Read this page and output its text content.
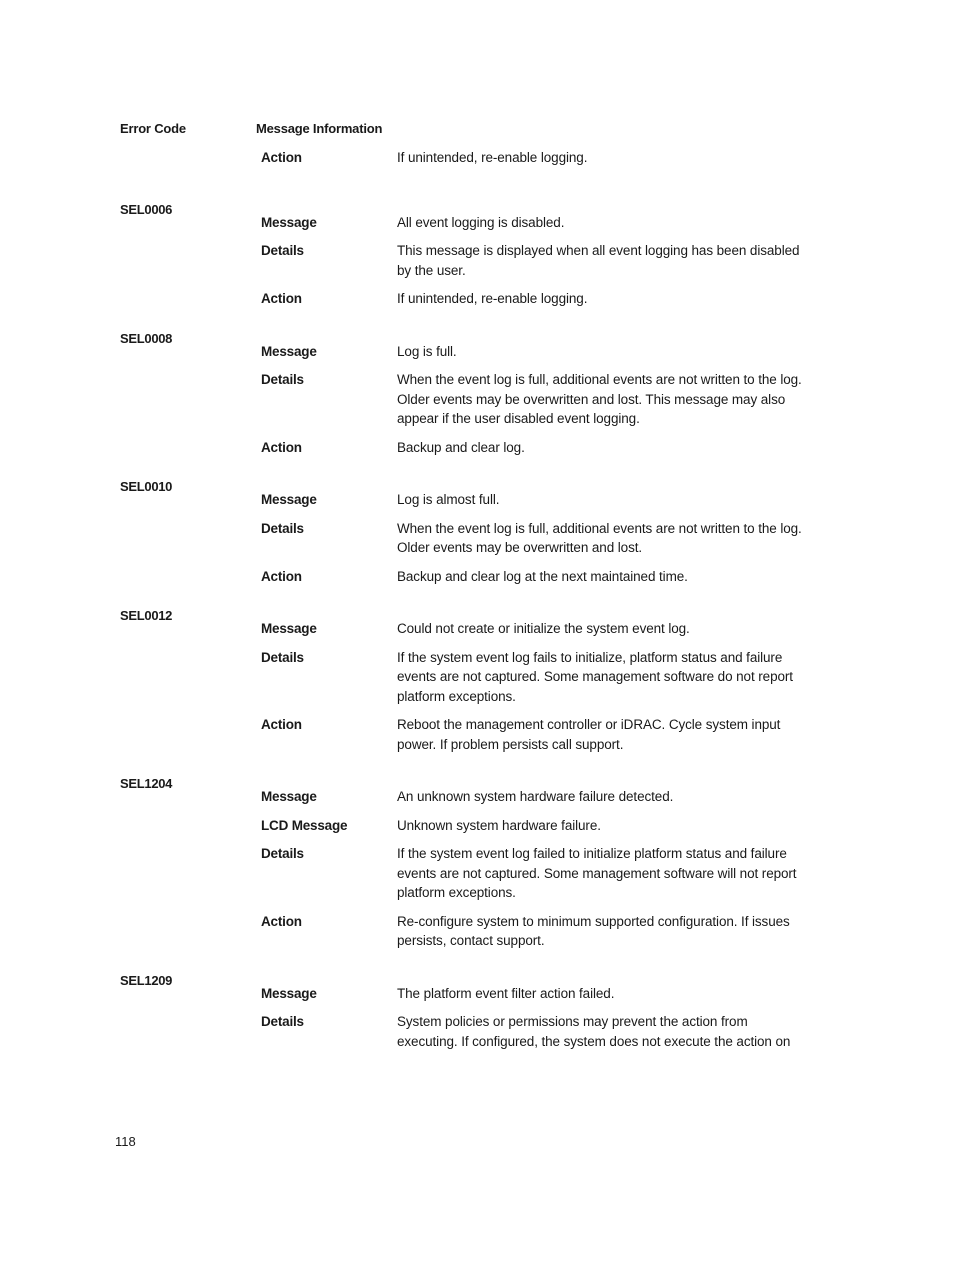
Error Code	Message Information
Action	If unintended, re-enable logging.
SEL0006
Message	All event logging is disabled.
Details	This message is displayed when all event logging has been disabled by the user.
Action	If unintended, re-enable logging.
SEL0008
Message	Log is full.
Details	When the event log is full, additional events are not written to the log. Older events may be overwritten and lost. This message may also appear if the user disabled event logging.
Action	Backup and clear log.
SEL0010
Message	Log is almost full.
Details	When the event log is full, additional events are not written to the log. Older events may be overwritten and lost.
Action	Backup and clear log at the next maintained time.
SEL0012
Message	Could not create or initialize the system event log.
Details	If the system event log fails to initialize, platform status and failure events are not captured. Some management software do not report platform exceptions.
Action	Reboot the management controller or iDRAC. Cycle system input power. If problem persists call support.
SEL1204
Message	An unknown system hardware failure detected.
LCD Message	Unknown system hardware failure.
Details	If the system event log failed to initialize platform status and failure events are not captured. Some management software will not report platform exceptions.
Action	Re-configure system to minimum supported configuration. If issues persists, contact support.
SEL1209
Message	The platform event filter action failed.
Details	System policies or permissions may prevent the action from executing. If configured, the system does not execute the action on
118
